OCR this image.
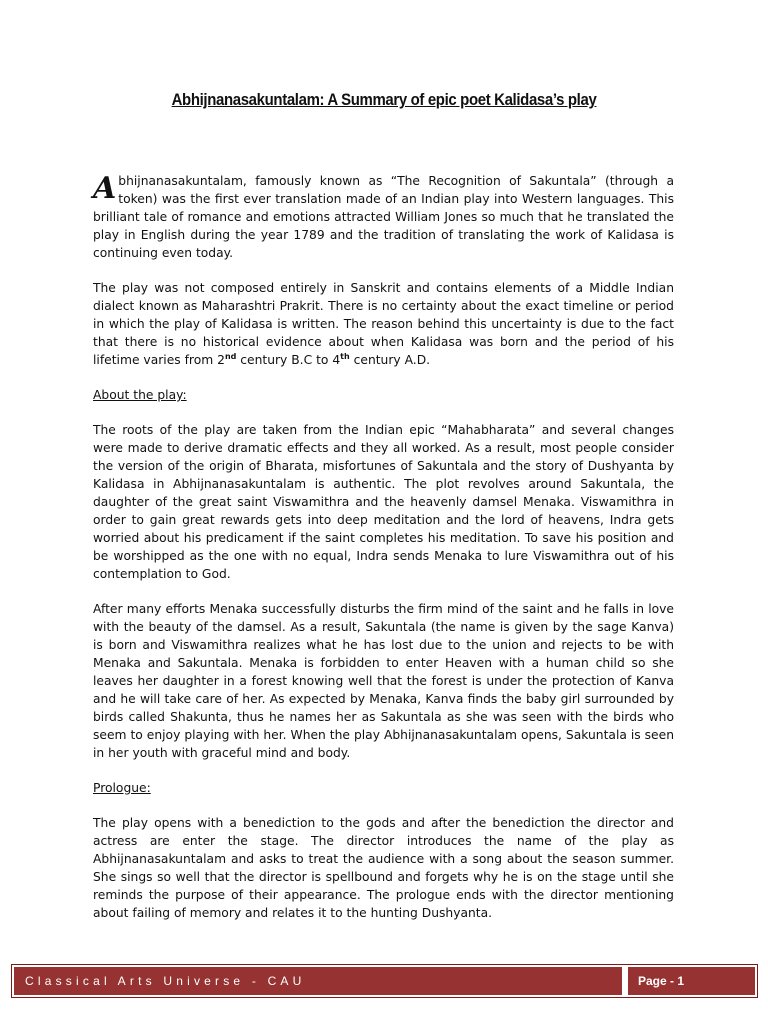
Abhijnanasakuntalam: A Summary of epic poet Kalidasa’s play

Abhijnanasakuntalam, famously known as “The Recognition of Sakuntala” (through a token) was the first ever translation made of an Indian play into Western languages. This brilliant tale of romance and emotions attracted William Jones so much that he translated the play in English during the year 1789 and the tradition of translating the work of Kalidasa is continuing even today.

The play was not composed entirely in Sanskrit and contains elements of a Middle Indian dialect known as Maharashtri Prakrit. There is no certainty about the exact timeline or period in which the play of Kalidasa is written. The reason behind this uncertainty is due to the fact that there is no historical evidence about when Kalidasa was born and the period of his lifetime varies from 2nd century B.C to 4th century A.D.

About the play:

The roots of the play are taken from the Indian epic “Mahabharata” and several changes were made to derive dramatic effects and they all worked. As a result, most people consider the version of the origin of Bharata, misfortunes of Sakuntala and the story of Dushyanta by Kalidasa in Abhijnanasakuntalam is authentic. The plot revolves around Sakuntala, the daughter of the great saint Viswamithra and the heavenly damsel Menaka. Viswamithra in order to gain great rewards gets into deep meditation and the lord of heavens, Indra gets worried about his predicament if the saint completes his meditation. To save his position and be worshipped as the one with no equal, Indra sends Menaka to lure Viswamithra out of his contemplation to God.

After many efforts Menaka successfully disturbs the firm mind of the saint and he falls in love with the beauty of the damsel. As a result, Sakuntala (the name is given by the sage Kanva) is born and Viswamithra realizes what he has lost due to the union and rejects to be with Menaka and Sakuntala. Menaka is forbidden to enter Heaven with a human child so she leaves her daughter in a forest knowing well that the forest is under the protection of Kanva and he will take care of her. As expected by Menaka, Kanva finds the baby girl surrounded by birds called Shakunta, thus he names her as Sakuntala as she was seen with the birds who seem to enjoy playing with her. When the play Abhijnanasakuntalam opens, Sakuntala is seen in her youth with graceful mind and body.

Prologue:

The play opens with a benediction to the gods and after the benediction the director and actress are enter the stage. The director introduces the name of the play as Abhijnanasakuntalam and asks to treat the audience with a song about the season summer. She sings so well that the director is spellbound and forgets why he is on the stage until she reminds the purpose of their appearance. The prologue ends with the director mentioning about failing of memory and relates it to the hunting Dushyanta.

Classical Arts Universe - CAU	Page - 1
